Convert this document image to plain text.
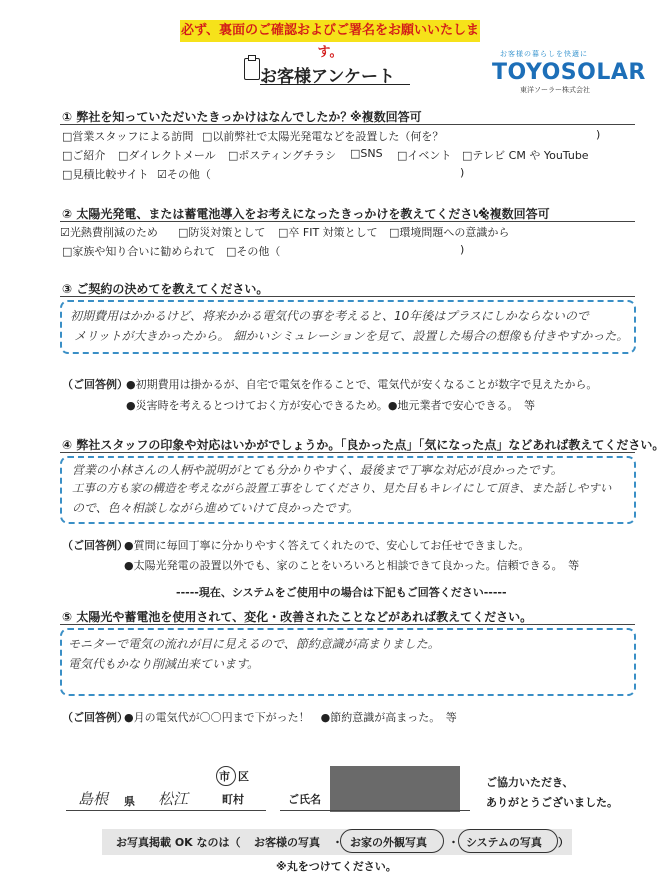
必ず、裏面のご確認およびご署名をお願いいたします。
お客様アンケート
お客様の暮らしを快適に
TOYOSOLAR
東洋ソーラー株式会社
① 弊社を知っていただいたきっかけはなんでしたか？
※複数回答可
□営業スタッフによる訪問 □以前弊社で太陽光発電などを設置した（何を？	)
□ご紹介 □ダイレクトメール □ポスティングチラシ □SNS □イベント □テレビ CM や YouTube
□見積比較サイト ☑その他（	)
② 太陽光発電、または蓄電池導入をお考えになったきっかけを教えてください。
※複数回答可
☑光熱費削減のため □防災対策として □卒 FIT 対策として □環境問題への意識から
□家族や知り合いに勧められて □その他（	)
③ ご契約の決めてを教えてください。
初期費用はかかるけど、将来かかる電気代の事を考えると、10年後はプラスにしかならないので
メリットが大きかったから。 細かいシミュレーションを見て、設置した場合の想像も付きやすかった。
（ご回答例）
●初期費用は掛かるが、自宅で電気を作ることで、電気代が安くなることが数字で見えたから。
●災害時を考えるとつけておく方が安心できるため。●地元業者で安心できる。　等
④ 弊社スタッフの印象や対応はいかがでしょうか。「良かった点」「気になった点」などあれば教えてください。
営業の小林さんの人柄や説明がとても分かりやすく、最後まで丁寧な対応が良かったです。
工事の方も家の構造を考えながら設置工事をしてくださり、見た目もキレイにして頂き、また話しやすい
ので、色々相談しながら進めていけて良かったです。
（ご回答例）
●質問に毎回丁寧に分かりやすく答えてくれたので、安心してお任せできました。
●太陽光発電の設置以外でも、家のことをいろいろと相談できて良かった。信頼できる。　等
-----現在、システムをご使用中の場合は下記もご回答ください-----
⑤ 太陽光や蓄電池を使用されて、変化・改善されたことなどがあれば教えてください。
モニターで電気の流れが目に見えるので、節約意識が高まりました。
電気代もかなり削減出来ています。
（ご回答例）
●月の電気代が〇〇円まで下がった！　●節約意識が高まった。　等
島根 県 松江
市 区
町村	ご氏名
ご協力いただき、
ありがとうございました。
お写真掲載 OK なのは（ お客様の写真 ・ お家の外観写真 ・ システムの写真 ）
※丸をつけてください。
